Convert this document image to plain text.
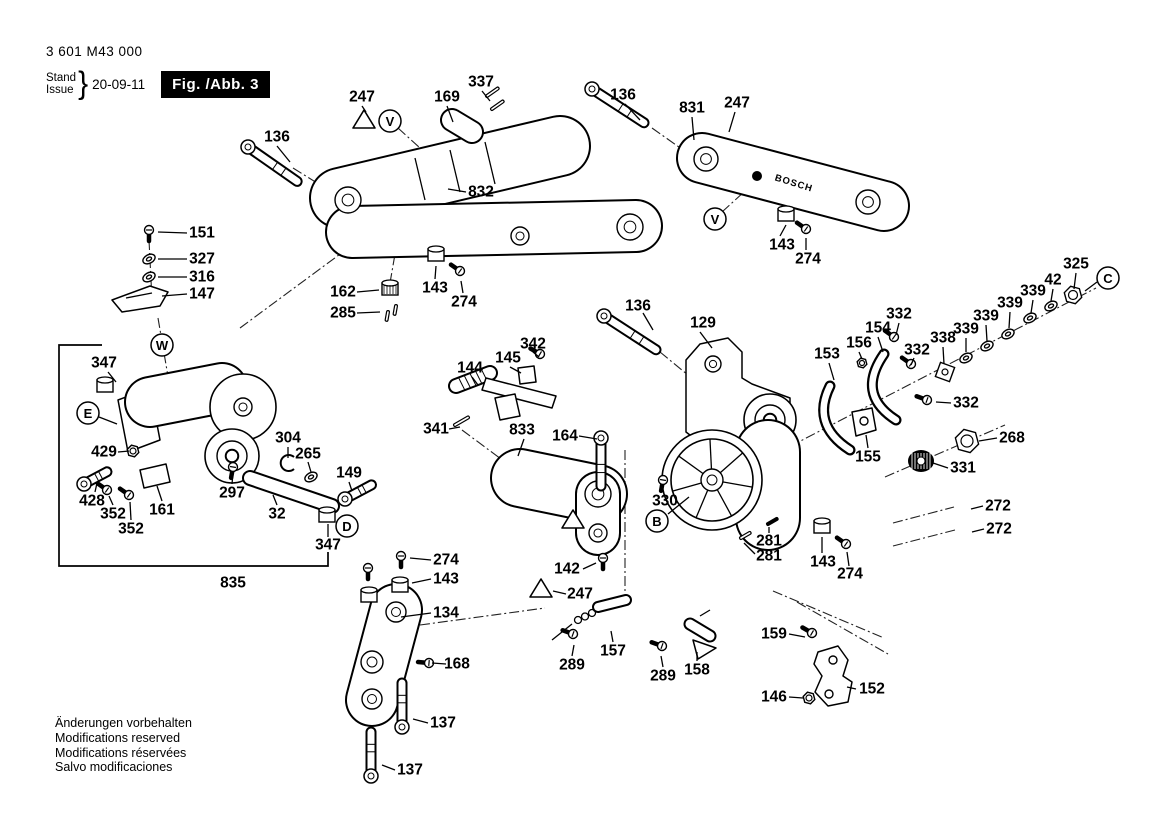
3 601 M43 000
Stand
Issue } 20-09-11	Fig. /Abb. 3
BOSCH
136
247	169
337
832
136
831 247
143
274
151
327
316
147	162
285
143
274	136
129
342
145
144
341	833 164
347
429
428
352
352
161
297
304
265
149
32
347
835
153
156
154
332
332
338
339
339
339
339
42
325
332
268
331
155
272
272
330
281
281 143
274
142
247
289
157
289 158
159
146	152
274
143
134
168
137
137
V
V
W
E
D
C
B
Änderungen vorbehalten
Modifications reserved
Modifications réservées
Salvo modificaciones
